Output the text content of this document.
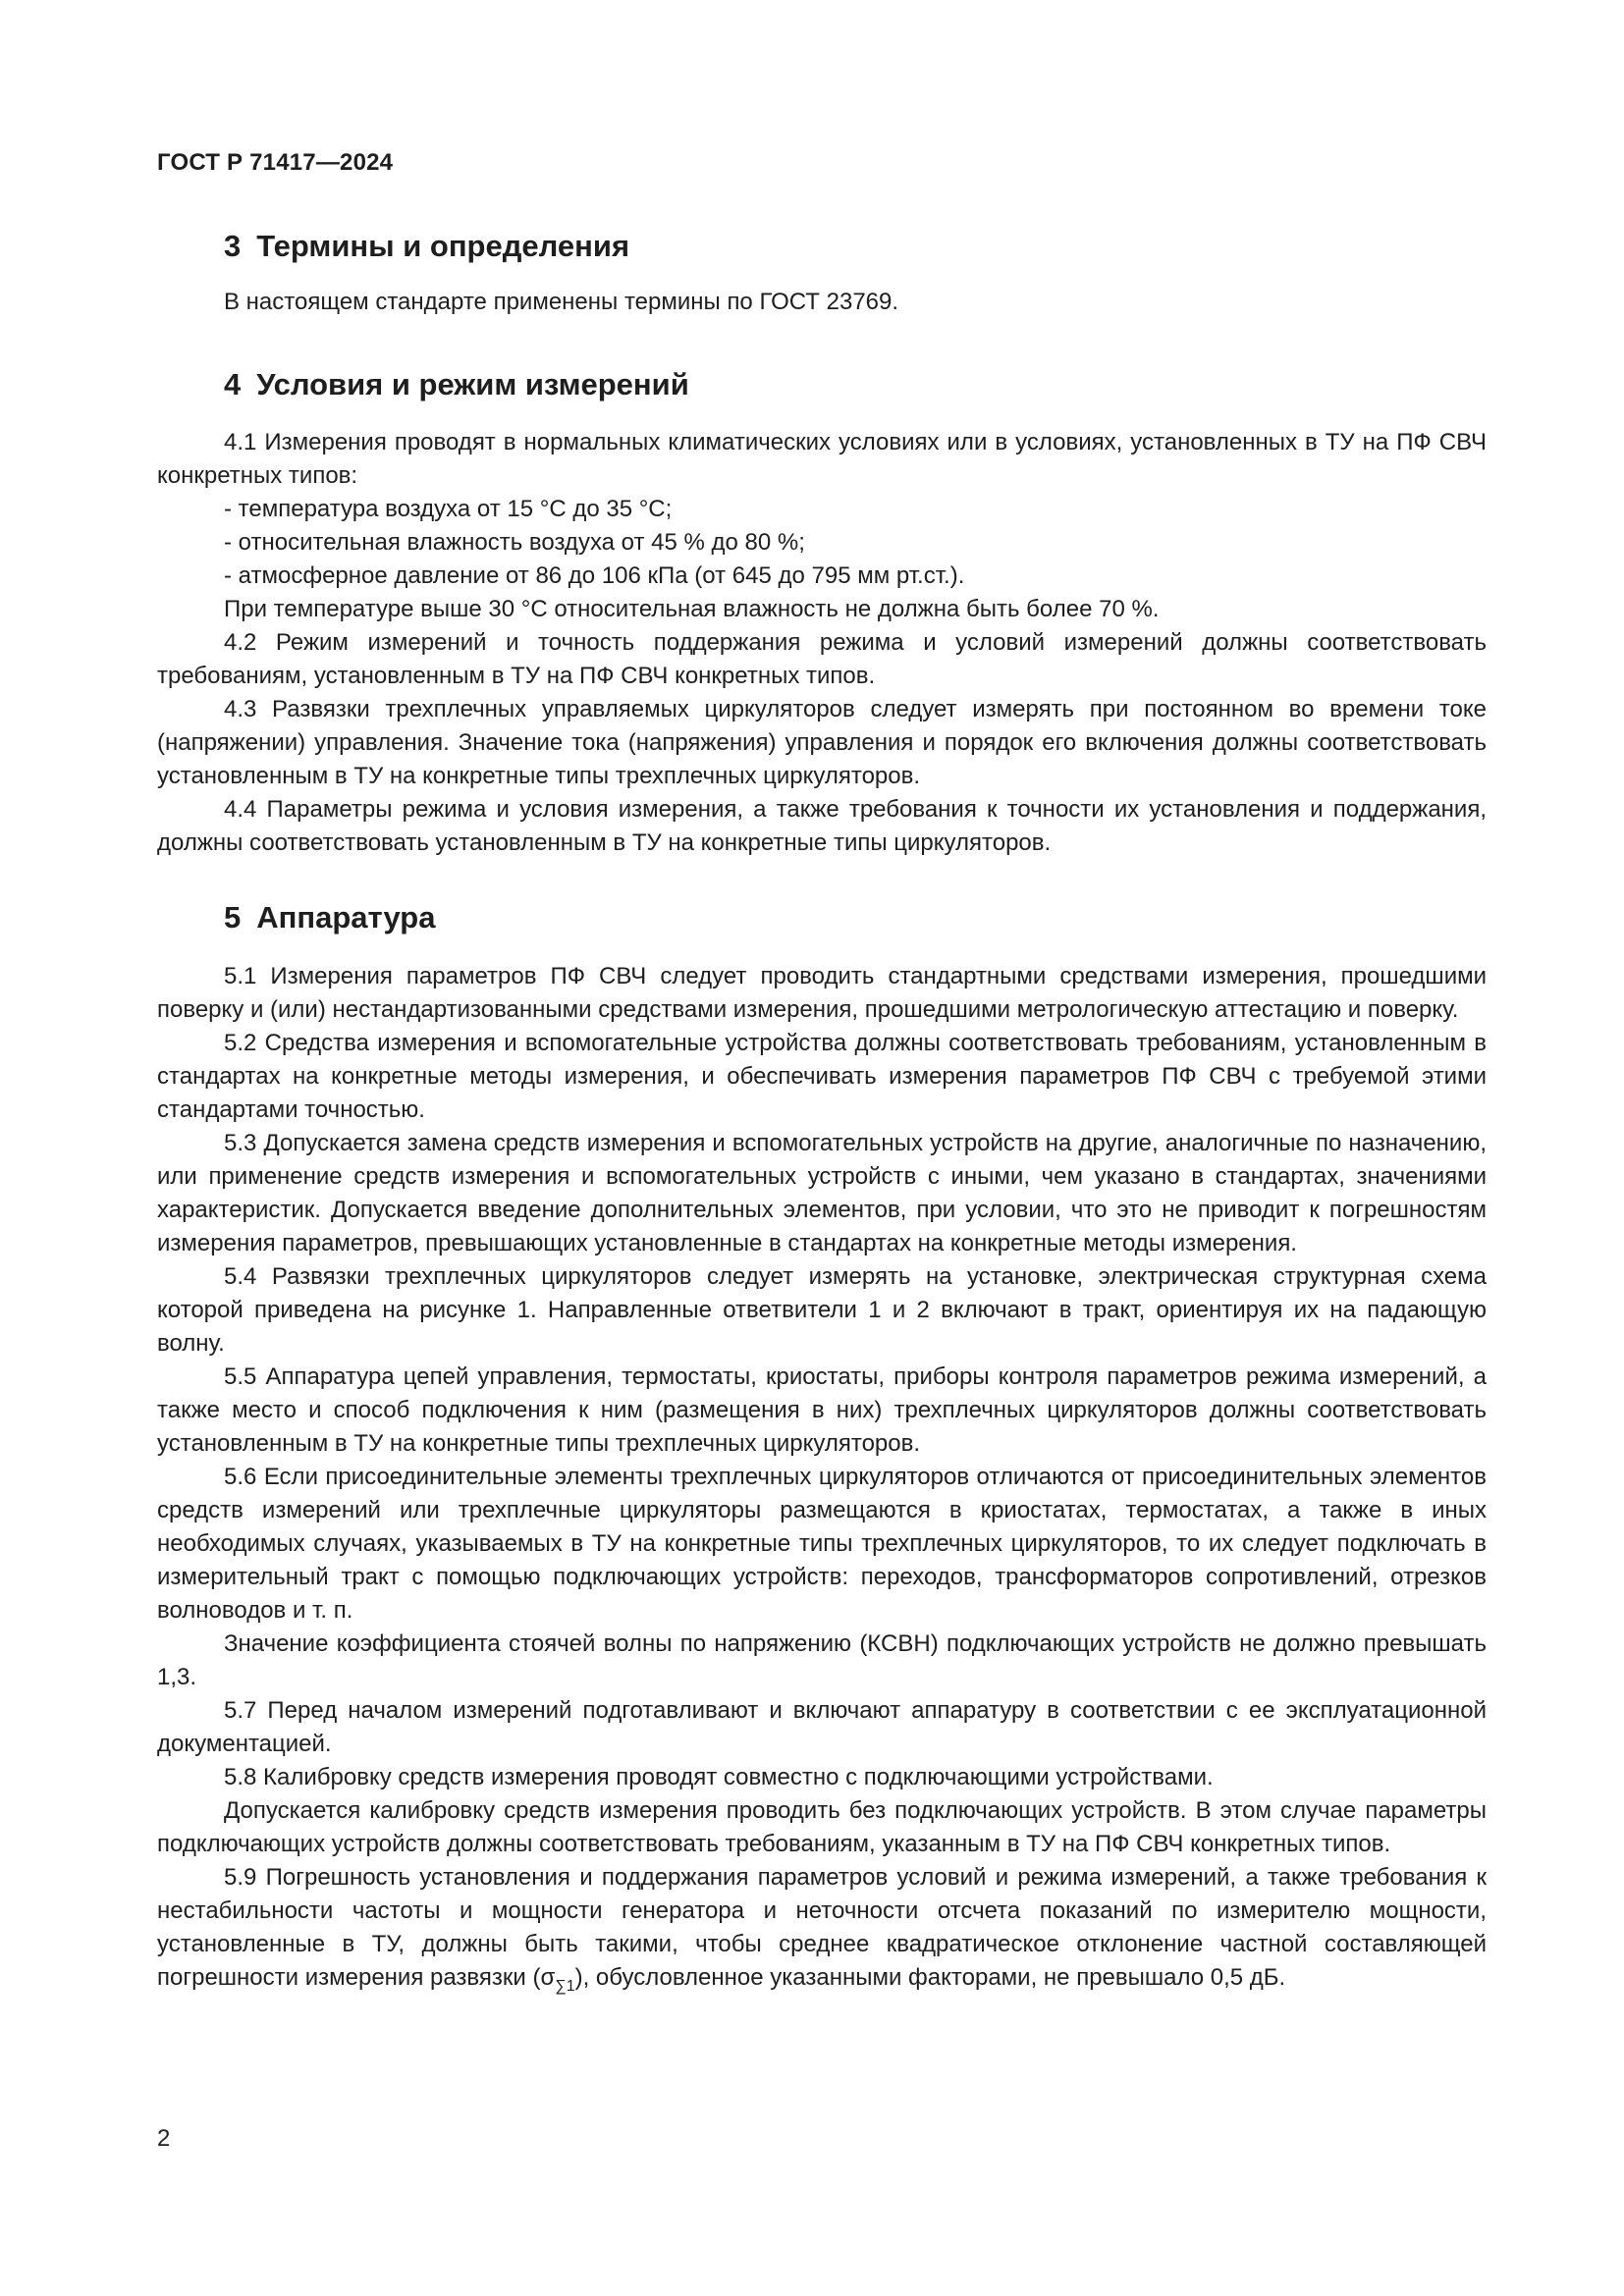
ГОСТ Р 71417—2024
3 Термины и определения

В настоящем стандарте применены термины по ГОСТ 23769.

4 Условия и режим измерений

4.1 Измерения проводят в нормальных климатических условиях или в условиях, установленных в ТУ на ПФ СВЧ конкретных типов:

- температура воздуха от 15 °С до 35 °С;

- относительная влажность воздуха от 45 % до 80 %;

- атмосферное давление от 86 до 106 кПа (от 645 до 795 мм рт.ст.).

При температуре выше 30 °С относительная влажность не должна быть более 70 %.

4.2 Режим измерений и точность поддержания режима и условий измерений должны соответствовать требованиям, установленным в ТУ на ПФ СВЧ конкретных типов.

4.3 Развязки трехплечных управляемых циркуляторов следует измерять при постоянном во времени токе (напряжении) управления. Значение тока (напряжения) управления и порядок его включения должны соответствовать установленным в ТУ на конкретные типы трехплечных циркуляторов.

4.4 Параметры режима и условия измерения, а также требования к точности их установления и поддержания, должны соответствовать установленным в ТУ на конкретные типы циркуляторов.

5 Аппаратура

5.1 Измерения параметров ПФ СВЧ следует проводить стандартными средствами измерения, прошедшими поверку и (или) нестандартизованными средствами измерения, прошедшими метрологическую аттестацию и поверку.

5.2 Средства измерения и вспомогательные устройства должны соответствовать требованиям, установленным в стандартах на конкретные методы измерения, и обеспечивать измерения параметров ПФ СВЧ с требуемой этими стандартами точностью.

5.3 Допускается замена средств измерения и вспомогательных устройств на другие, аналогичные по назначению, или применение средств измерения и вспомогательных устройств с иными, чем указано в стандартах, значениями характеристик. Допускается введение дополнительных элементов, при условии, что это не приводит к погрешностям измерения параметров, превышающих установленные в стандартах на конкретные методы измерения.

5.4 Развязки трехплечных циркуляторов следует измерять на установке, электрическая структурная схема которой приведена на рисунке 1. Направленные ответвители 1 и 2 включают в тракт, ориентируя их на падающую волну.

5.5 Аппаратура цепей управления, термостаты, криостаты, приборы контроля параметров режима измерений, а также место и способ подключения к ним (размещения в них) трехплечных циркуляторов должны соответствовать установленным в ТУ на конкретные типы трехплечных циркуляторов.

5.6 Если присоединительные элементы трехплечных циркуляторов отличаются от присоединительных элементов средств измерений или трехплечные циркуляторы размещаются в криостатах, термостатах, а также в иных необходимых случаях, указываемых в ТУ на конкретные типы трехплечных циркуляторов, то их следует подключать в измерительный тракт с помощью подключающих устройств: переходов, трансформаторов сопротивлений, отрезков волноводов и т. п.

Значение коэффициента стоячей волны по напряжению (КСВН) подключающих устройств не должно превышать 1,3.

5.7 Перед началом измерений подготавливают и включают аппаратуру в соответствии с ее эксплуатационной документацией.

5.8 Калибровку средств измерения проводят совместно с подключающими устройствами.

Допускается калибровку средств измерения проводить без подключающих устройств. В этом случае параметры подключающих устройств должны соответствовать требованиям, указанным в ТУ на ПФ СВЧ конкретных типов.

5.9 Погрешность установления и поддержания параметров условий и режима измерений, а также требования к нестабильности частоты и мощности генератора и неточности отсчета показаний по измерителю мощности, установленные в ТУ, должны быть такими, чтобы среднее квадратическое отклонение частной составляющей погрешности измерения развязки $(\sigma_{\sum 1})$, обусловленное указанными факторами, не превышало 0,5 дБ.

2
